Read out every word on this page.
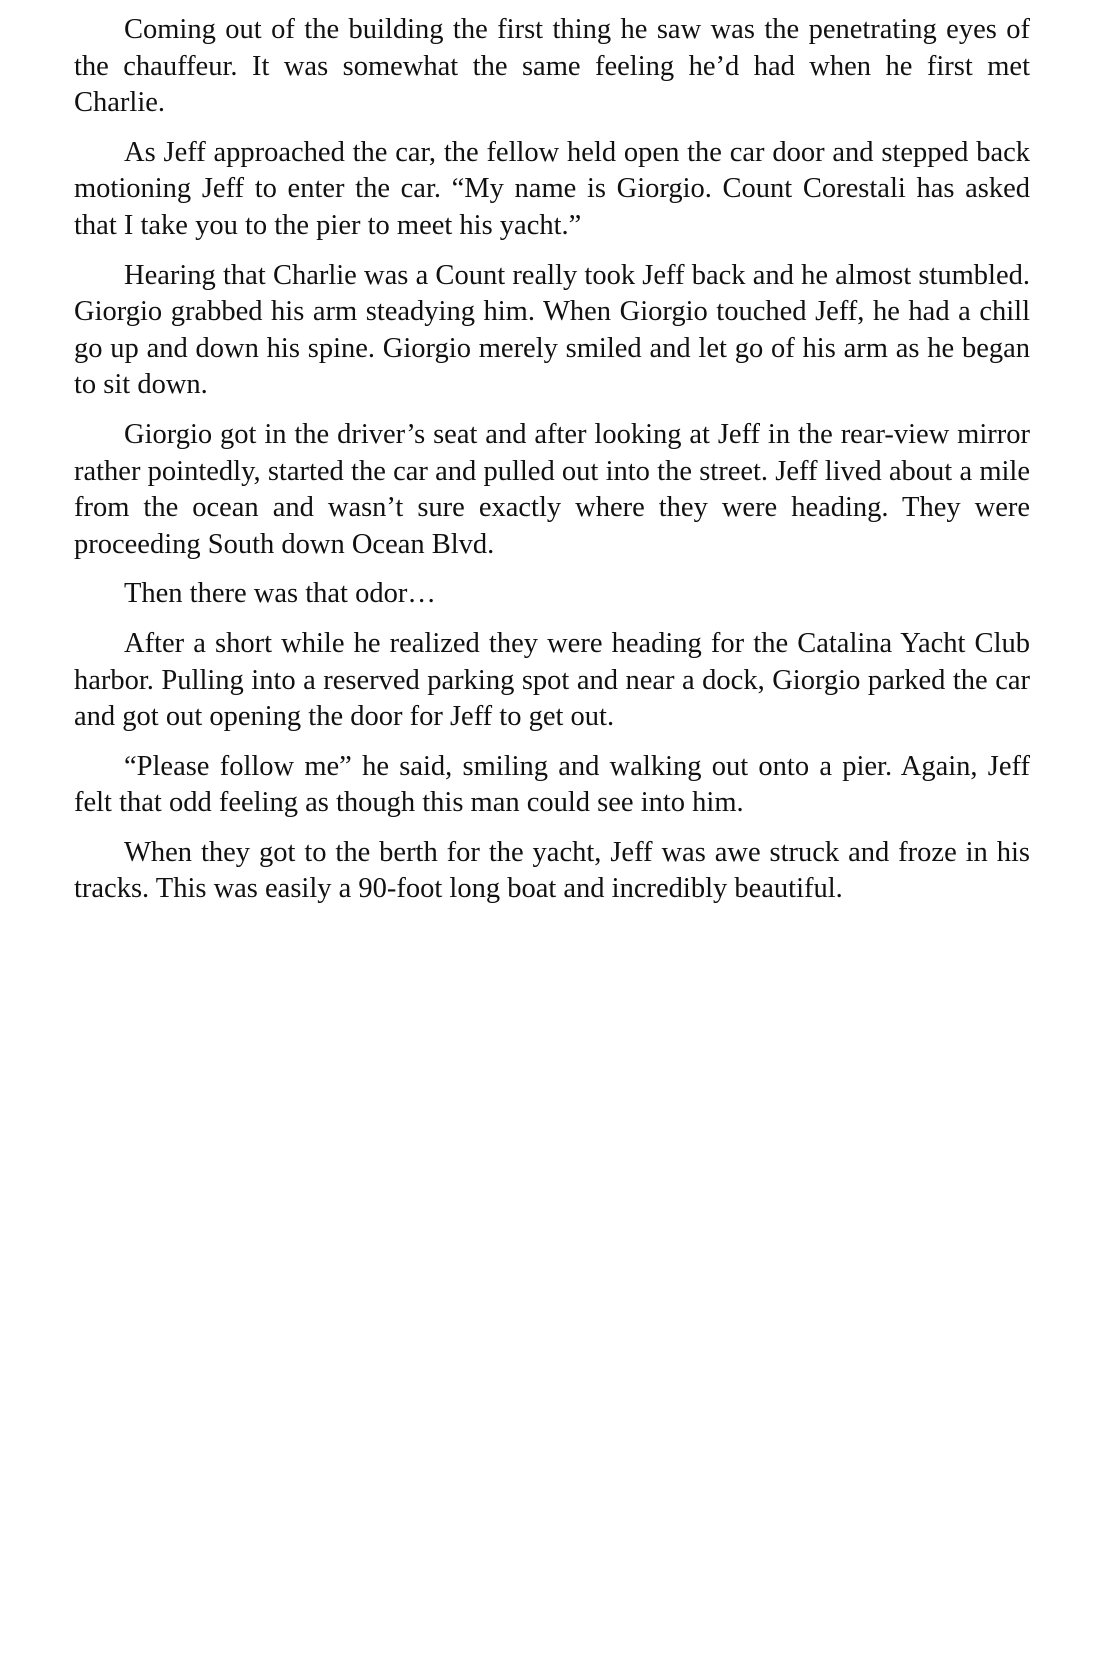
Coming out of the building the first thing he saw was the penetrating eyes of the chauffeur. It was somewhat the same feeling he’d had when he first met Charlie.

As Jeff approached the car, the fellow held open the car door and stepped back motioning Jeff to enter the car. “My name is Giorgio. Count Corestali has asked that I take you to the pier to meet his yacht.”

Hearing that Charlie was a Count really took Jeff back and he almost stumbled. Giorgio grabbed his arm steadying him. When Giorgio touched Jeff, he had a chill go up and down his spine. Giorgio merely smiled and let go of his arm as he began to sit down.

Giorgio got in the driver’s seat and after looking at Jeff in the rear-view mirror rather pointedly, started the car and pulled out into the street. Jeff lived about a mile from the ocean and wasn’t sure exactly where they were heading. They were proceeding South down Ocean Blvd.

Then there was that odor…

After a short while he realized they were heading for the Catalina Yacht Club harbor. Pulling into a reserved parking spot and near a dock, Giorgio parked the car and got out opening the door for Jeff to get out.

“Please follow me” he said, smiling and walking out onto a pier. Again, Jeff felt that odd feeling as though this man could see into him.

When they got to the berth for the yacht, Jeff was awe struck and froze in his tracks. This was easily a 90-foot long boat and incredibly beautiful.
